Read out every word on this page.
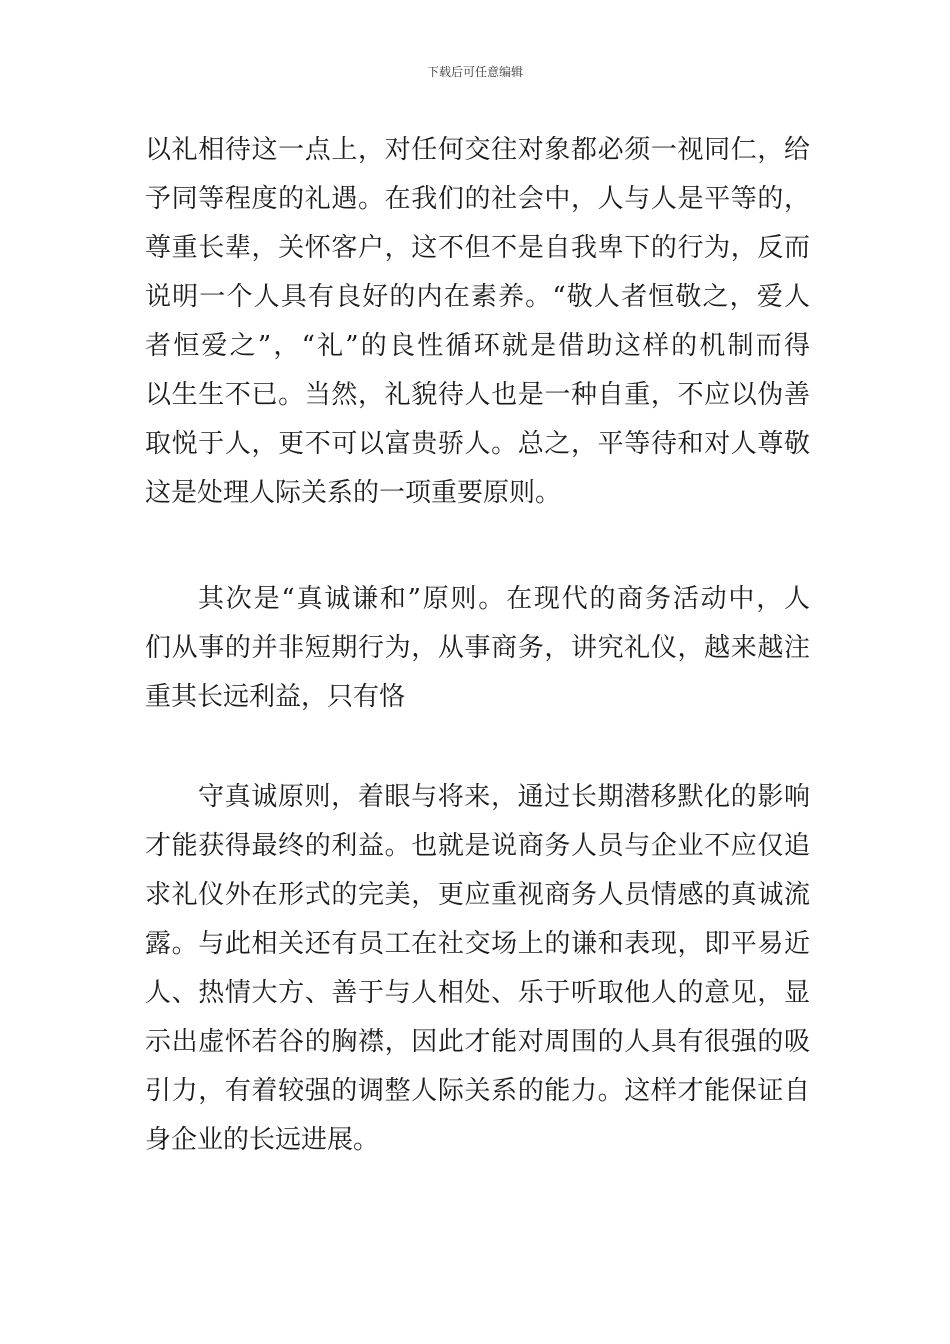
下载后可任意编辑
以礼相待这一点上，对任何交往对象都必须一视同仁，给
予同等程度的礼遇。在我们的社会中，人与人是平等的，
尊重长辈，关怀客户，这不但不是自我卑下的行为，反而
说明一个人具有良好的内在素养。“敬人者恒敬之，爱人
者恒爱之”，“礼”的良性循环就是借助这样的机制而得
以生生不已。当然，礼貌待人也是一种自重，不应以伪善
取悦于人，更不可以富贵骄人。总之，平等待和对人尊敬
这是处理人际关系的一项重要原则。
其次是“真诚谦和”原则。在现代的商务活动中，人
们从事的并非短期行为，从事商务，讲究礼仪，越来越注
重其长远利益，只有恪
守真诚原则，着眼与将来，通过长期潜移默化的影响
才能获得最终的利益。也就是说商务人员与企业不应仅追
求礼仪外在形式的完美，更应重视商务人员情感的真诚流
露。与此相关还有员工在社交场上的谦和表现，即平易近
人、热情大方、善于与人相处、乐于听取他人的意见，显
示出虚怀若谷的胸襟，因此才能对周围的人具有很强的吸
引力，有着较强的调整人际关系的能力。这样才能保证自
身企业的长远进展。
